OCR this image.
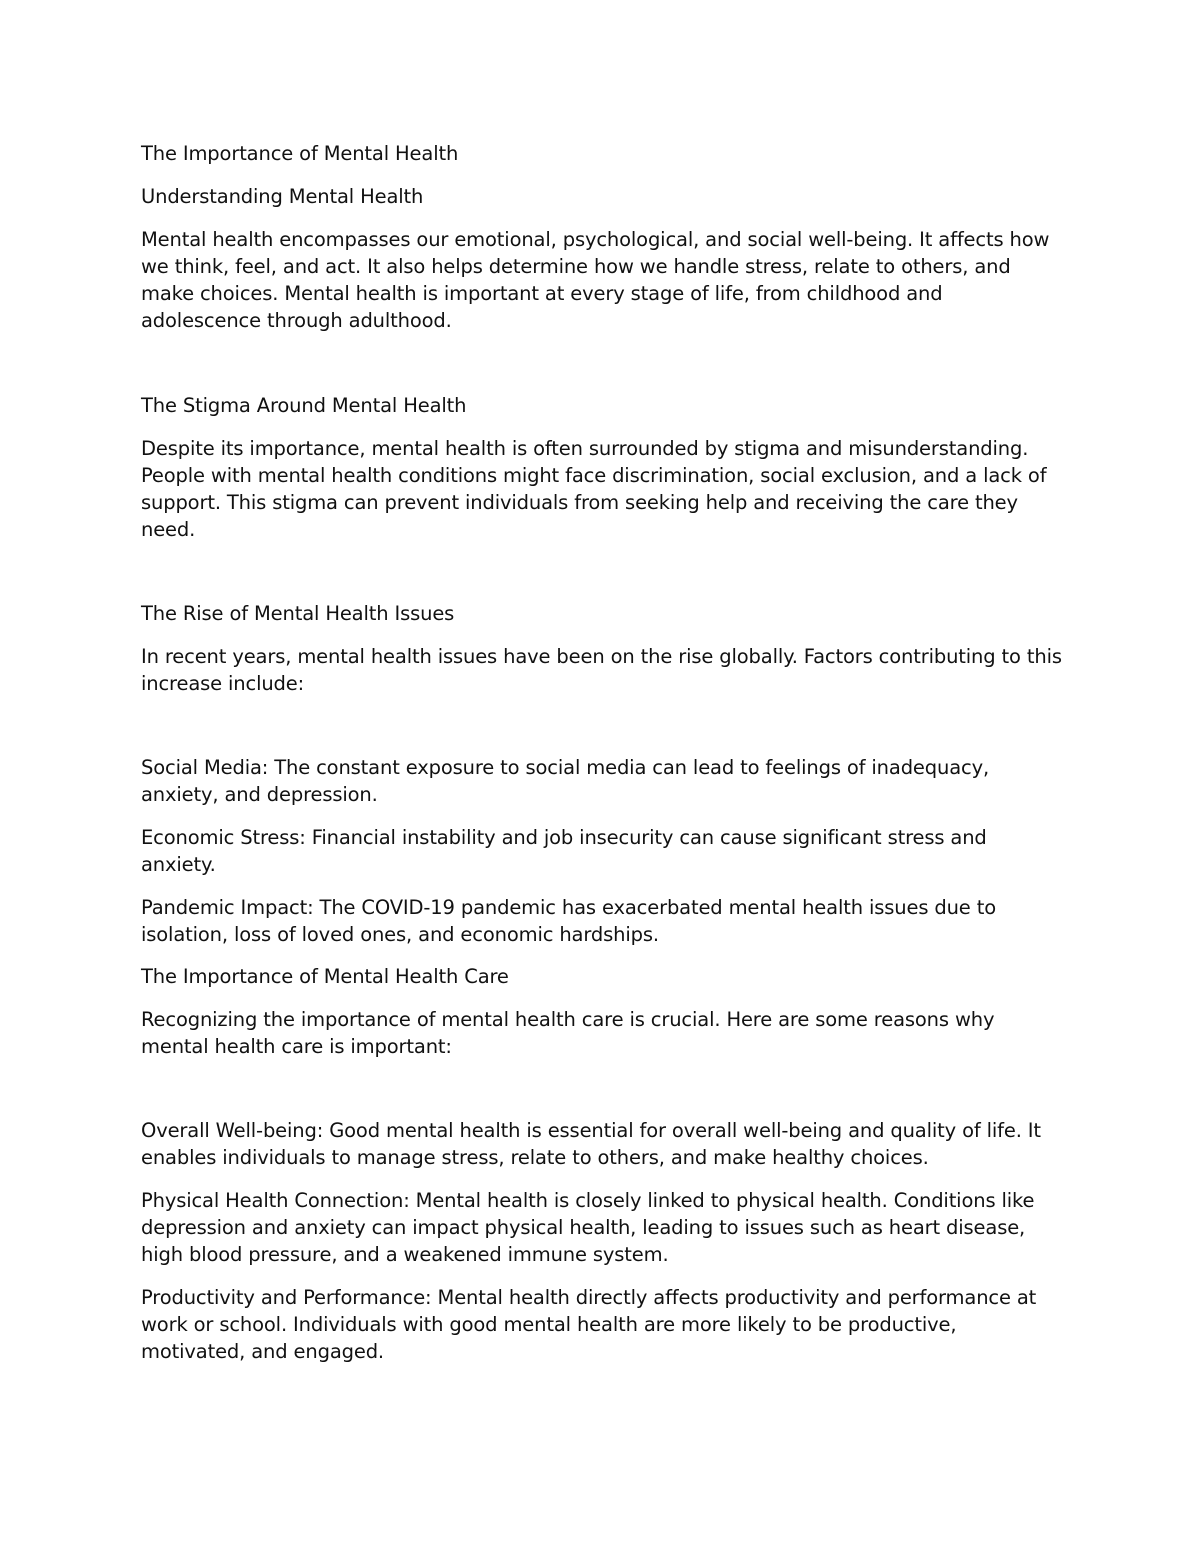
The Importance of Mental Health

Understanding Mental Health

Mental health encompasses our emotional, psychological, and social well-being. It affects how we think, feel, and act. It also helps determine how we handle stress, relate to others, and make choices. Mental health is important at every stage of life, from childhood and adolescence through adulthood.

The Stigma Around Mental Health

Despite its importance, mental health is often surrounded by stigma and misunderstanding. People with mental health conditions might face discrimination, social exclusion, and a lack of support. This stigma can prevent individuals from seeking help and receiving the care they need.

The Rise of Mental Health Issues

In recent years, mental health issues have been on the rise globally. Factors contributing to this increase include:

Social Media: The constant exposure to social media can lead to feelings of inadequacy, anxiety, and depression.

Economic Stress: Financial instability and job insecurity can cause significant stress and anxiety.

Pandemic Impact: The COVID-19 pandemic has exacerbated mental health issues due to isolation, loss of loved ones, and economic hardships.

The Importance of Mental Health Care

Recognizing the importance of mental health care is crucial. Here are some reasons why mental health care is important:

Overall Well-being: Good mental health is essential for overall well-being and quality of life. It enables individuals to manage stress, relate to others, and make healthy choices.

Physical Health Connection: Mental health is closely linked to physical health. Conditions like depression and anxiety can impact physical health, leading to issues such as heart disease, high blood pressure, and a weakened immune system.

Productivity and Performance: Mental health directly affects productivity and performance at work or school. Individuals with good mental health are more likely to be productive, motivated, and engaged.
